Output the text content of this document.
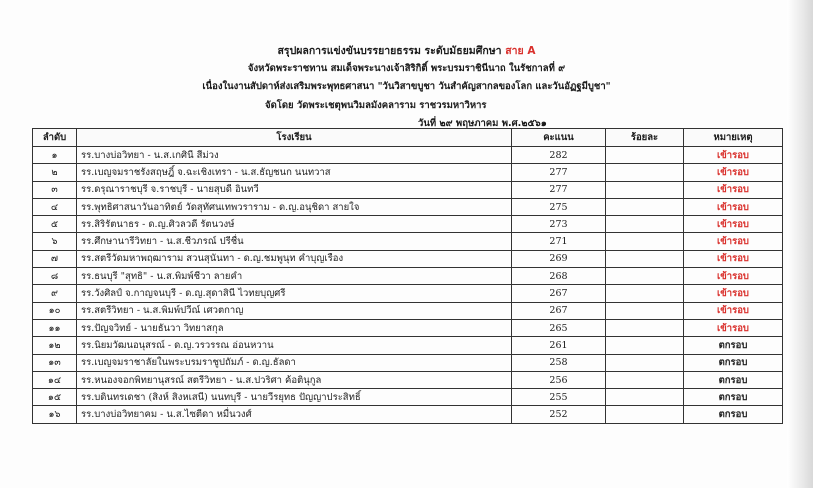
สรุปผลการแข่งขันบรรยายธรรม ระดับมัธยมศึกษา สาย A
จังหวัดพระราชทาน สมเด็จพระนางเจ้าสิริกิติ์ พระบรมราชินีนาถ ในรัชกาลที่ ๙
เนื่องในงานสัปดาห์ส่งเสริมพระพุทธศาสนา "วันวิสาขบูชา วันสำคัญสากลของโลก และวันอัฏฐมีบูชา"
จัดโดย วัดพระเชตุพนวิมลมังคลาราม ราชวรมหาวิหาร
วันที่ ๒๙ พฤษภาคม พ.ศ.๒๕๖๑
ลำดับ	โรงเรียน	คะแนน	ร้อยละ	หมายเหตุ
๑	รร.บางบ่อวิทยา - น.ส.เกศินี สีม่วง	282		เข้ารอบ
๒	รร.เบญจมราชรังสฤษฎิ์ จ.ฉะเชิงเทรา - น.ส.ธัญชนก นนทวาส	277		เข้ารอบ
๓	รร.ดรุณาราชบุรี จ.ราชบุรี - นายสุบดี อินทวี	277		เข้ารอบ
๔	รร.พุทธิศาสนาวันอาทิตย์ วัดสุทัศนเทพวราราม - ด.ญ.อนุชิดา สายใจ	275		เข้ารอบ
๕	รร.สิริรัตนาธร - ด.ญ.ศิวลวดี รัตนวงษ์	273		เข้ารอบ
๖	รร.ศึกษานารีวิทยา - น.ส.ชีวภรณ์ ปรีชื่น	271		เข้ารอบ
๗	รร.สตรีวัดมหาพฤฒาราม สวนสุนันทา - ด.ญ.ชมพูนุท คำบุญเรือง	269		เข้ารอบ
๘	รร.ธนบุรี "สุทธิ" - น.ส.พิมพ์ชีวา ลายคำ	268		เข้ารอบ
๙	รร.วังศิลป์ จ.กาญจนบุรี - ด.ญ.สุดาสินี ไวทยบุญศรี	267		เข้ารอบ
๑๐	รร.สตรีวิทยา - น.ส.พิมพ์ปวีณ์ เศวตกาญ	267		เข้ารอบ
๑๑	รร.ปัญจวิทย์ - นายธันวา วิทยาสกุล	265		เข้ารอบ
๑๒	รร.นิยมวัฒนอนุสรณ์ - ด.ญ.วรวรรณ อ่อนหวาน	261		ตกรอบ
๑๓	รร.เบญจมราชาลัยในพระบรมราชูปถัมภ์ - ด.ญ.ธัลดา	258		ตกรอบ
๑๔	รร.หนองจอกพิทยานุสรณ์ สตรีวิทยา - น.ส.ปวริศา ค้อตินุกูล	256		ตกรอบ
๑๕	รร.บดินทรเดชา (สิงห์ สิงหเสนี) นนทบุรี - นายวีรยุทธ ปัญญาประสิทธิ์	255		ตกรอบ
๑๖	รร.บางบ่อวิทยาคม - น.ส.ไซตีดา หมื่นวงศ์	252		ตกรอบ
